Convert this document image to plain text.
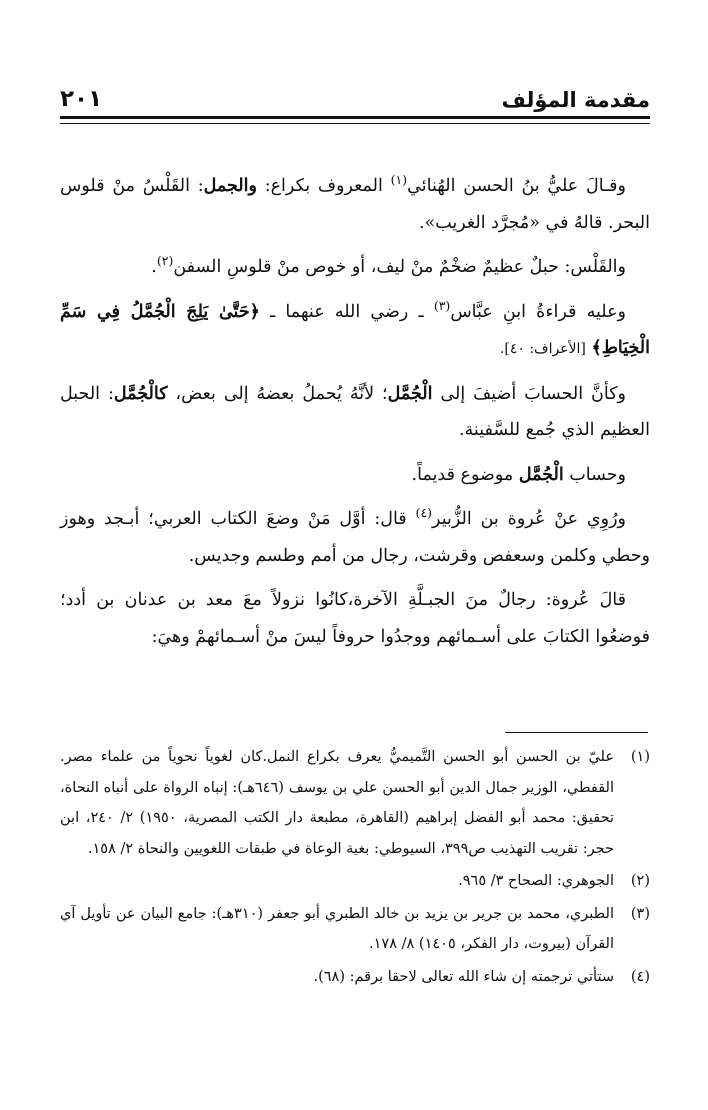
مقدمة المؤلف
٢٠١

وقـالَ عليُّ بنُ الحسن الهُنائي$^{(١)}$ المعروف بكراع: والجمل: القَلْسُ منْ قلوس البحر. قالهُ في «مُجرَّد الغريب».

والقَلْس: حبلٌ عظيمٌ ضخْمٌ منْ ليف، أو خوص منْ قلوسِ السفن$^{(٢)}$.

وعليه قراءةُ ابنِ عبَّاس$^{(٣)}$ ـ رضي الله عنهما ـ ﴿حَتَّىٰ يَلِجَ الْجُمَّلُ فِي سَمِّ الْخِيَاطِ﴾ [الأعراف: ٤٠].

وكأنَّ الحسابَ أضيفَ إلى الْجُمَّل؛ لأنَّهُ يُحملُ بعضهُ إلى بعض، كالْجُمَّل: الحبل العظيم الذي جُمع للسَّفينة.

وحساب الْجُمَّل موضوع قديماً.

ورُوِي عنْ عُروة بن الزُّبير$^{(٤)}$ قال: أوَّل مَنْ وضعَ الكتاب العربي؛ أبـجد وهوز وحطي وكلمن وسعفص وقرشت، رجال من أمم وطسم وجديس.

قالَ عُروة: رجالٌ منَ الجبـلَّةِ الآخرة،كانُوا نزولاً معَ معد بن عدنان بن أدد؛ فوضعُوا الكتابَ على أسـمائهم ووجدُوا حروفاً ليسَ منْ أسـمائهمْ وهيَ:

(١)
عليّ بن الحسن أبو الحسن التَّميميُّ يعرف بكراع النمل.كان لغوياً نحوياً من علماء مصر. القفطي، الوزير جمال الدين أبو الحسن علي بن يوسف (٦٤٦هـ): إنباه الرواة على أنباه النحاة، تحقيق: محمد أبو الفضل إبراهيم (القاهرة، مطبعة دار الكتب المصرية، ١٩٥٠) ٢/ ٢٤٠، ابن حجر: تقريب التهذيب ص٣٩٩، السيوطي: بغية الوعاة في طبقات اللغويين والنحاة ٢/ ١٥٨.
(٢)
الجوهري: الصحاح ٣/ ٩٦٥.
(٣)
الطبري، محمد بن جرير بن يزيد بن خالد الطبري أبو جعفر (٣١٠هـ): جامع البيان عن تأويل آي القرآن (بيروت، دار الفكر، ١٤٠٥) ٨/ ١٧٨.
(٤)
ستأتي ترجمته إن شاء الله تعالى لاحقا برقم: (٦٨).
